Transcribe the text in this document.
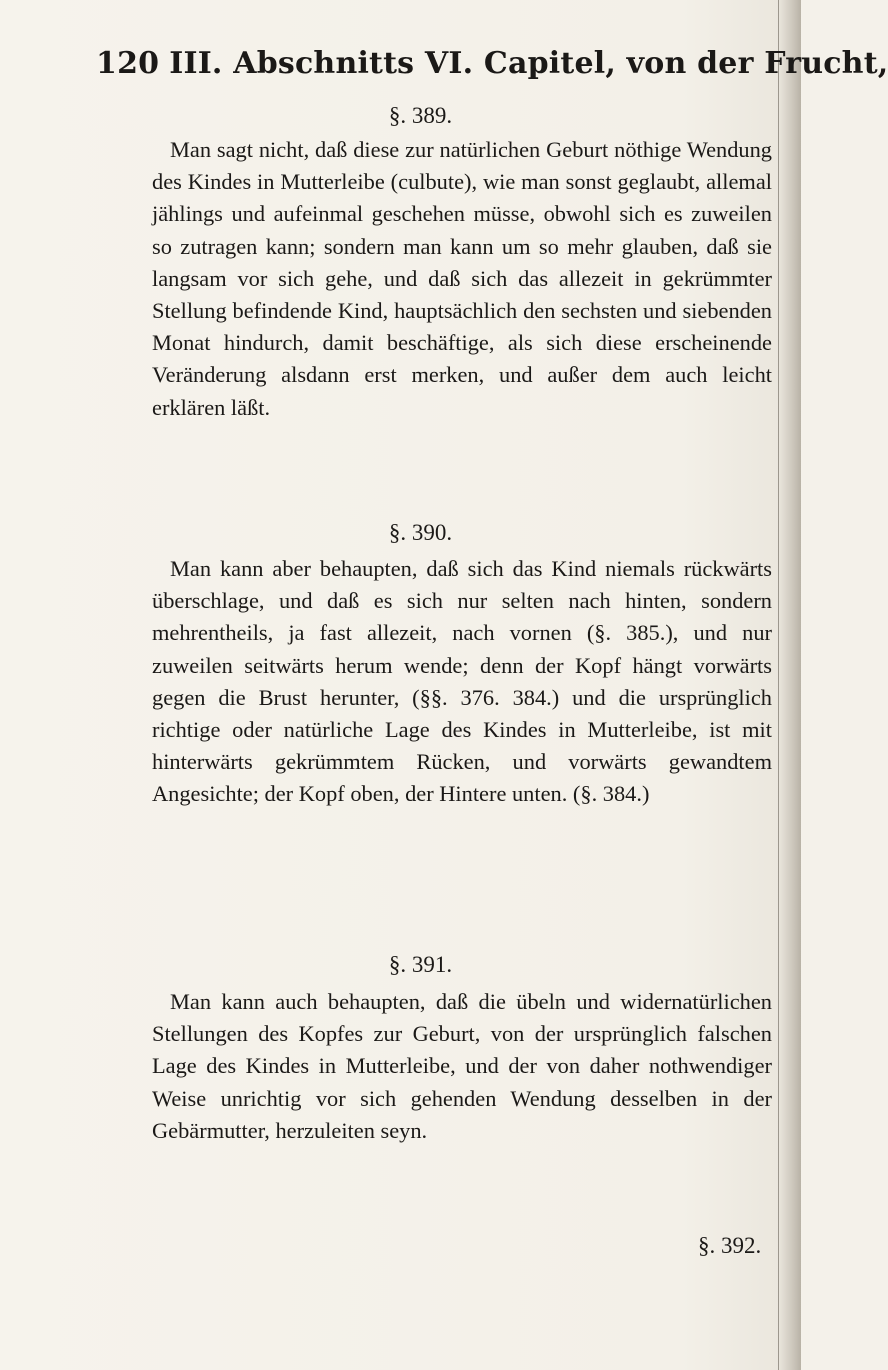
120 III. Abschnitts VI. Capitel, von der Frucht,
§. 389.

Man sagt nicht, daß diese zur natürlichen Geburt nöthige Wendung des Kindes in Mutterleibe (culbute), wie man sonst geglaubt, allemal jählings und aufeinmal geschehen müsse, obwohl sich es zuweilen so zutragen kann; sondern man kann um so mehr glauben, daß sie langsam vor sich gehe, und daß sich das allezeit in gekrümmter Stellung befindende Kind, hauptsächlich den sechsten und siebenden Monat hindurch, damit beschäftige, als sich diese erscheinende Veränderung alsdann erst merken, und außer dem auch leicht erklären läßt.

§. 390.

Man kann aber behaupten, daß sich das Kind niemals rückwärts überschlage, und daß es sich nur selten nach hinten, sondern mehrentheils, ja fast allezeit, nach vornen (§. 385.), und nur zuweilen seitwärts herum wende; denn der Kopf hängt vorwärts gegen die Brust herunter, (§§. 376. 384.) und die ursprünglich richtige oder natürliche Lage des Kindes in Mutterleibe, ist mit hinterwärts gekrümmtem Rücken, und vorwärts gewandtem Angesichte; der Kopf oben, der Hintere unten. (§. 384.)

§. 391.

Man kann auch behaupten, daß die übeln und widernatürlichen Stellungen des Kopfes zur Geburt, von der ursprünglich falschen Lage des Kindes in Mutterleibe, und der von daher nothwendiger Weise unrichtig vor sich gehenden Wendung desselben in der Gebärmutter, herzuleiten seyn.

§. 392.
